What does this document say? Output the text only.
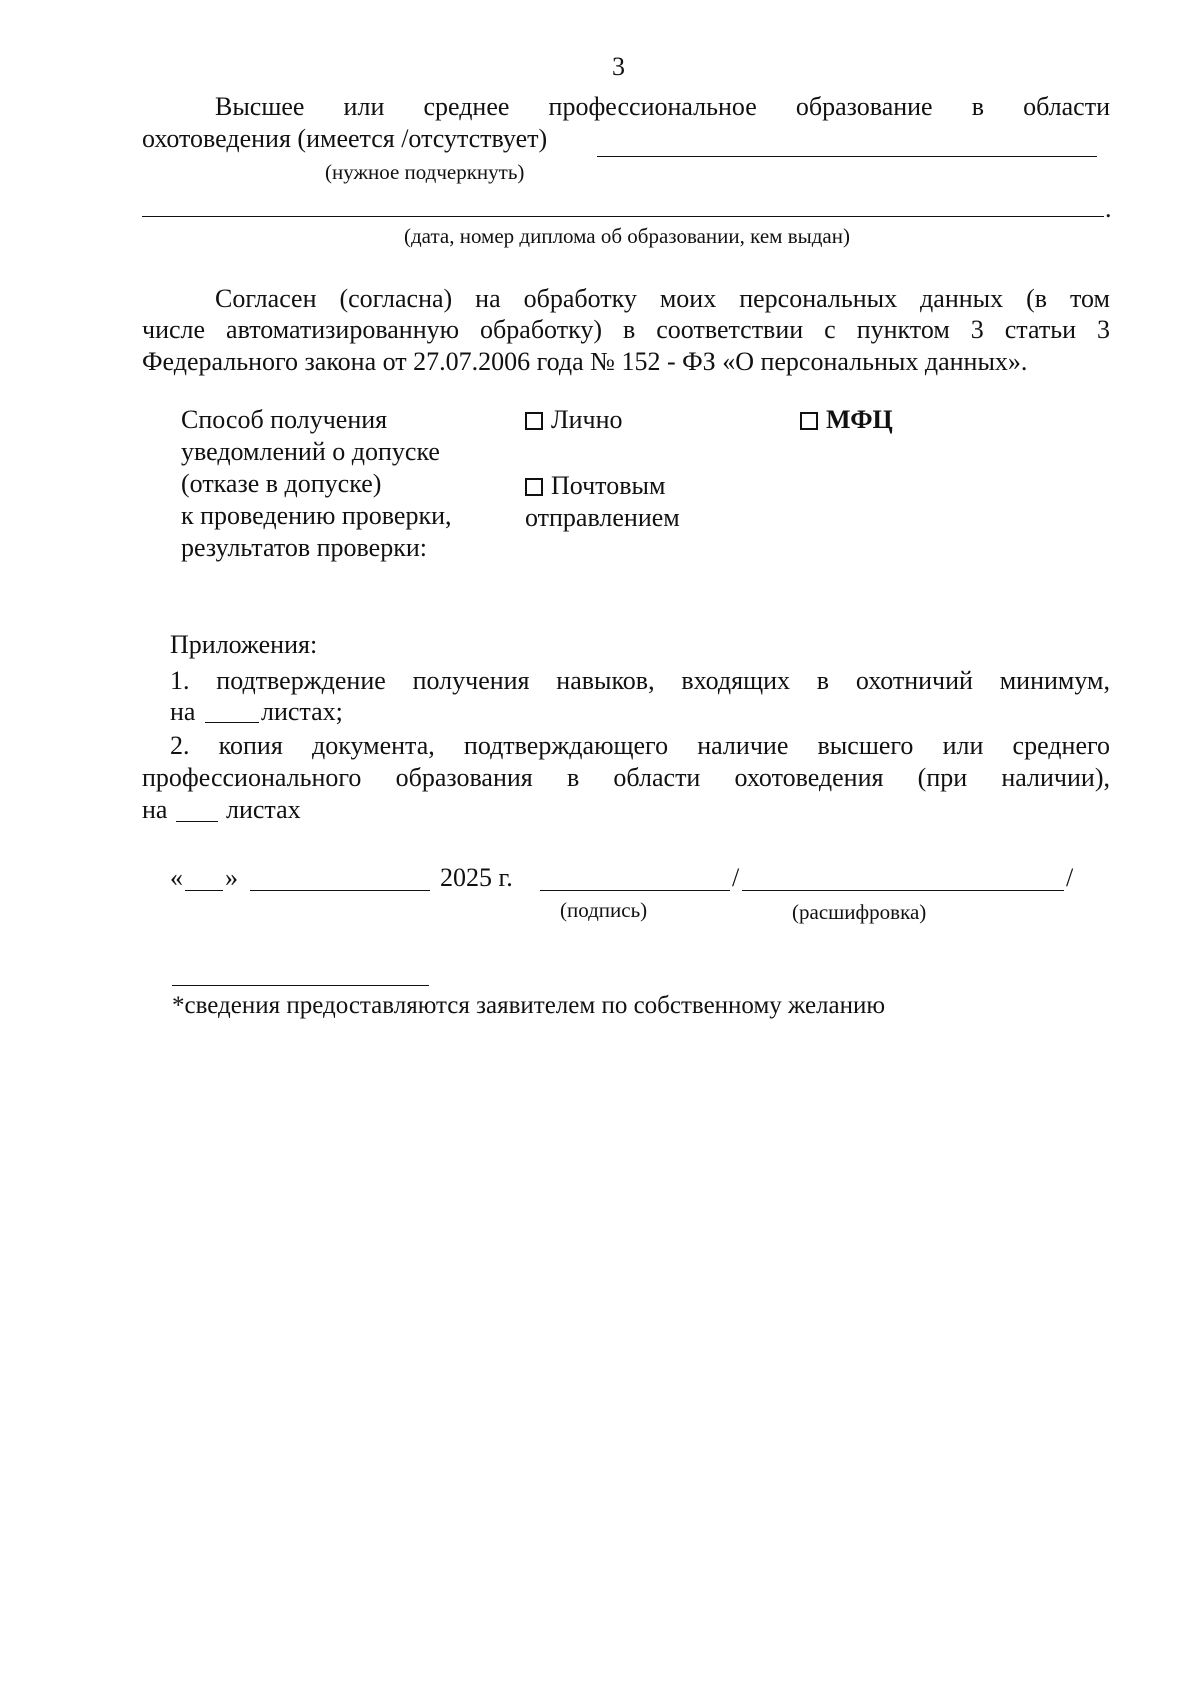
3
Высшее или среднее профессиональное образование в области
охотоведения (имеется /отсутствует)
(нужное подчеркнуть)
.
(дата, номер диплома об образовании, кем выдан)
Согласен (согласна) на обработку моих персональных данных (в том
числе автоматизированную обработку) в соответствии с пунктом 3 статьи 3
Федерального закона от 27.07.2006 года № 152 - ФЗ «О персональных данных».
Способ получения
уведомлений о допуске
(отказе в допуске)
к проведению проверки,
результатов проверки:
Лично	МФЦ
Почтовым
отправлением
Приложения:
1. подтверждение получения навыков, входящих в охотничий минимум,
на	листах;
2. копия документа, подтверждающего наличие высшего или среднего
профессионального образования в области охотоведения (при наличии),
на листах
« »	2025 г.	/	/
(подпись)	(расшифровка)
*сведения предоставляются заявителем по собственному желанию
